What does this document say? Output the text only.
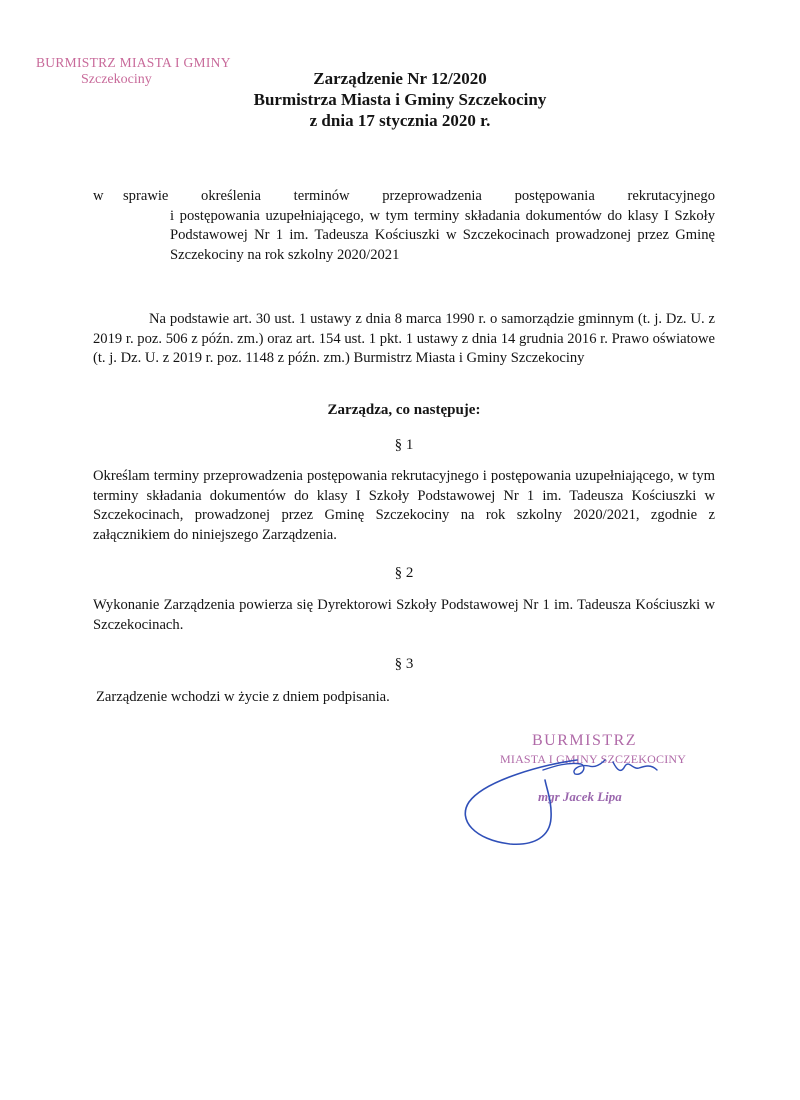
BURMISTRZ MIASTA I GMINY
Szczekociny	Zarządzenie Nr 12/2020
Burmistrza Miasta i Gminy Szczekociny
z dnia 17 stycznia 2020 r.
w sprawie określenia terminów przeprowadzenia postępowania rekrutacyjnego
i postępowania uzupełniającego, w tym terminy składania dokumentów do klasy I Szkoły Podstawowej Nr 1 im. Tadeusza Kościuszki w Szczekocinach prowadzonej przez Gminę Szczekociny na rok szkolny 2020/2021
Na podstawie art. 30 ust. 1 ustawy z dnia 8 marca 1990 r. o samorządzie gminnym (t. j. Dz. U. z 2019 r. poz. 506 z późn. zm.) oraz art. 154 ust. 1 pkt. 1 ustawy z dnia 14 grudnia 2016 r. Prawo oświatowe (t. j. Dz. U. z 2019 r. poz. 1148 z późn. zm.) Burmistrz Miasta i Gminy Szczekociny
Zarządza, co następuje:
§ 1
Określam terminy przeprowadzenia postępowania rekrutacyjnego i postępowania uzupełniającego, w tym terminy składania dokumentów do klasy I Szkoły Podstawowej Nr 1 im. Tadeusza Kościuszki w Szczekocinach, prowadzonej przez Gminę Szczekociny na rok szkolny 2020/2021, zgodnie z załącznikiem do niniejszego Zarządzenia.
§ 2
Wykonanie Zarządzenia powierza się Dyrektorowi Szkoły Podstawowej Nr 1 im. Tadeusza Kościuszki w Szczekocinach.
§ 3
Zarządzenie wchodzi w życie z dniem podpisania.
BURMISTRZ
MIASTA I GMINY SZCZEKOCINY
mgr Jacek Lipa
